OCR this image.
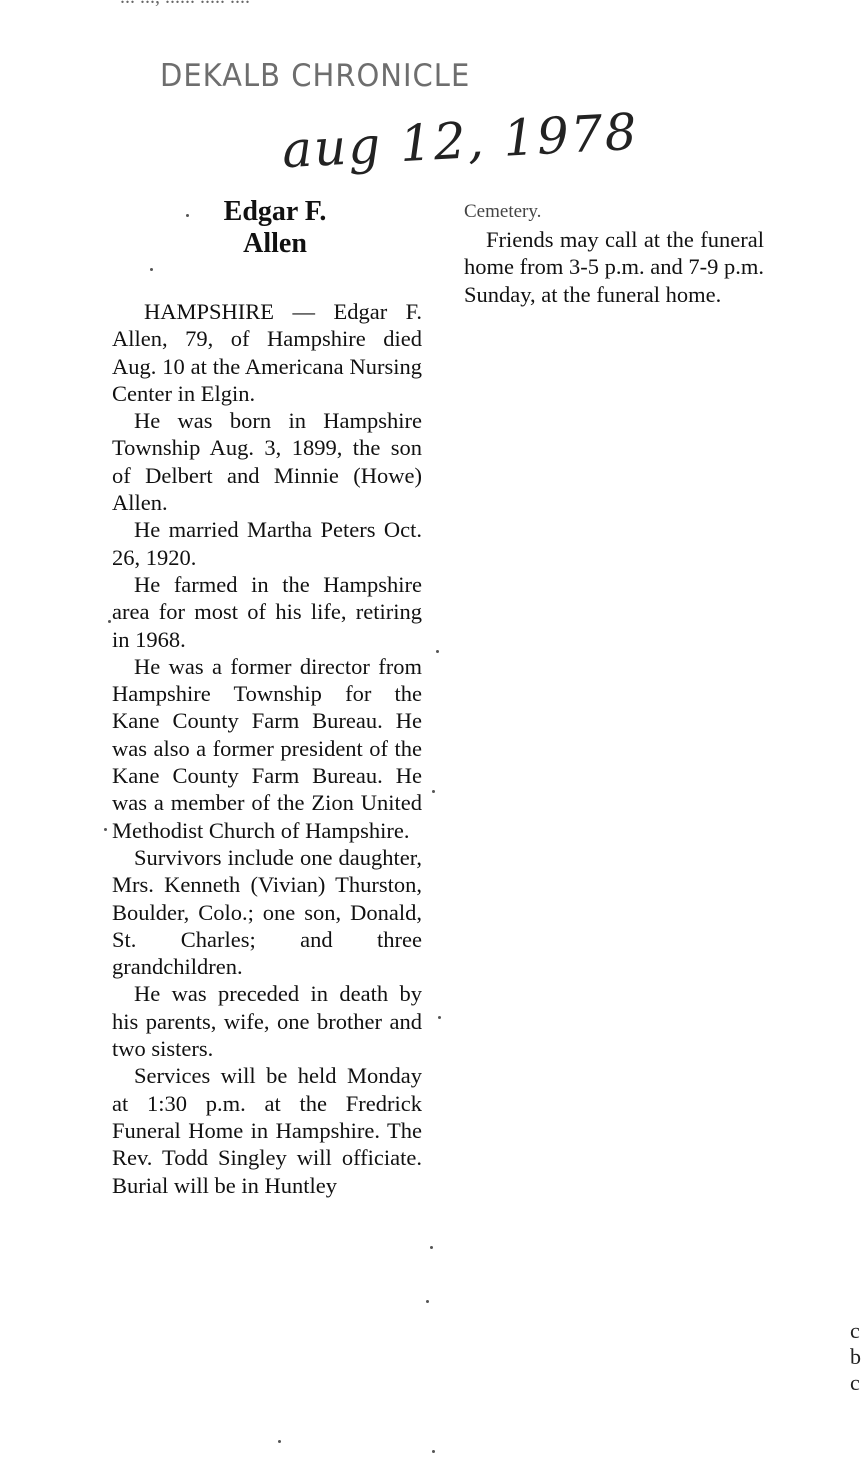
DEKALB CHRONICLE
aug 12, 1978
Edgar F.
Allen

HAMPSHIRE — Edgar F. Allen, 79, of Hampshire died Aug. 10 at the Americana Nursing Center in Elgin.

He was born in Hampshire Township Aug. 3, 1899, the son of Delbert and Minnie (Howe) Allen.

He married Martha Peters Oct. 26, 1920.

He farmed in the Hampshire area for most of his life, retiring in 1968.

He was a former director from Hampshire Township for the Kane County Farm Bureau. He was also a former president of the Kane County Farm Bureau. He was a member of the Zion United Methodist Church of Hampshire.

Survivors include one daughter, Mrs. Kenneth (Vivian) Thurston, Boulder, Colo.; one son, Donald, St. Charles; and three grandchildren.

He was preceded in death by his parents, wife, one brother and two sisters.

Services will be held Monday at 1:30 p.m. at the Fredrick Funeral Home in Hampshire. The Rev. Todd Singley will officiate. Burial will be in Huntley

Cemetery.

Friends may call at the funeral home from 3-5 p.m. and 7-9 p.m. Sunday, at the funeral home.

c b c
